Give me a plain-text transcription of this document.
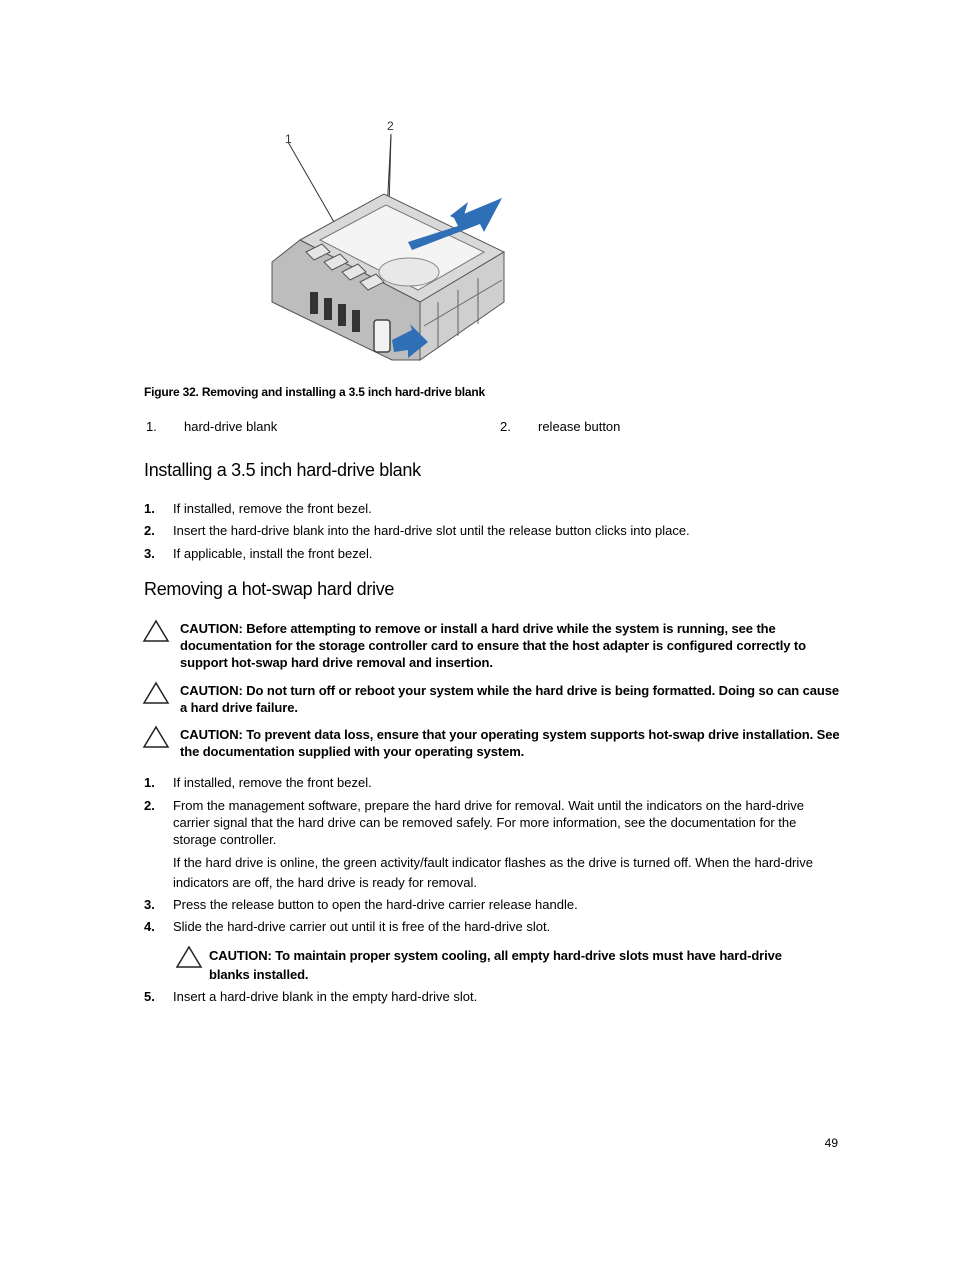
1
2
Figure 32. Removing and installing a 3.5 inch hard-drive blank
1. hard-drive blank	2. release button
Installing a 3.5 inch hard-drive blank
1. If installed, remove the front bezel.
2. Insert the hard-drive blank into the hard-drive slot until the release button clicks into place.
3. If applicable, install the front bezel.
Removing a hot-swap hard drive
CAUTION: Before attempting to remove or install a hard drive while the system is running, see the documentation for the storage controller card to ensure that the host adapter is configured correctly to support hot-swap hard drive removal and insertion.
CAUTION: Do not turn off or reboot your system while the hard drive is being formatted. Doing so can cause a hard drive failure.
CAUTION: To prevent data loss, ensure that your operating system supports hot-swap drive installation. See the documentation supplied with your operating system.
1. If installed, remove the front bezel.
2. From the management software, prepare the hard drive for removal. Wait until the indicators on the hard-drive carrier signal that the hard drive can be removed safely. For more information, see the documentation for the storage controller.
If the hard drive is online, the green activity/fault indicator flashes as the drive is turned off. When the hard-drive indicators are off, the hard drive is ready for removal.
3. Press the release button to open the hard-drive carrier release handle.
4. Slide the hard-drive carrier out until it is free of the hard-drive slot.
CAUTION: To maintain proper system cooling, all empty hard-drive slots must have hard-drive blanks installed.
5. Insert a hard-drive blank in the empty hard-drive slot.
49
